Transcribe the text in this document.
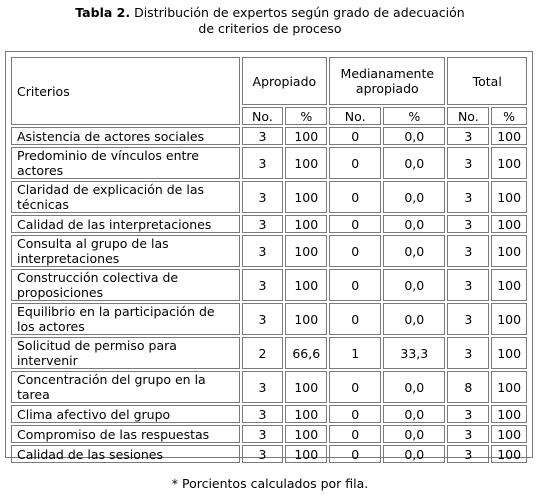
Tabla 2. Distribución de expertos según grado de adecuación
de criterios de proceso
Criterios	Apropiado		Medianamente apropiado		Total	
	No.	%	No.	%	No.	%
Asistencia de actores sociales	3	100	0	0,0	3	100
Predominio de vínculos entre actores	3	100	0	0,0	3	100
Claridad de explicación de las técnicas	3	100	0	0,0	3	100
Calidad de las interpretaciones	3	100	0	0,0	3	100
Consulta al grupo de las interpretaciones	3	100	0	0,0	3	100
Construcción colectiva de proposiciones	3	100	0	0,0	3	100
Equilibrio en la participación de los actores	3	100	0	0,0	3	100
Solicitud de permiso para intervenir	2	66,6	1	33,3	3	100
Concentración del grupo en la tarea	3	100	0	0,0	8	100
Clima afectivo del grupo	3	100	0	0,0	3	100
Compromiso de las respuestas	3	100	0	0,0	3	100
Calidad de las sesiones	3	100	0	0,0	3	100
* Porcientos calculados por fila.
